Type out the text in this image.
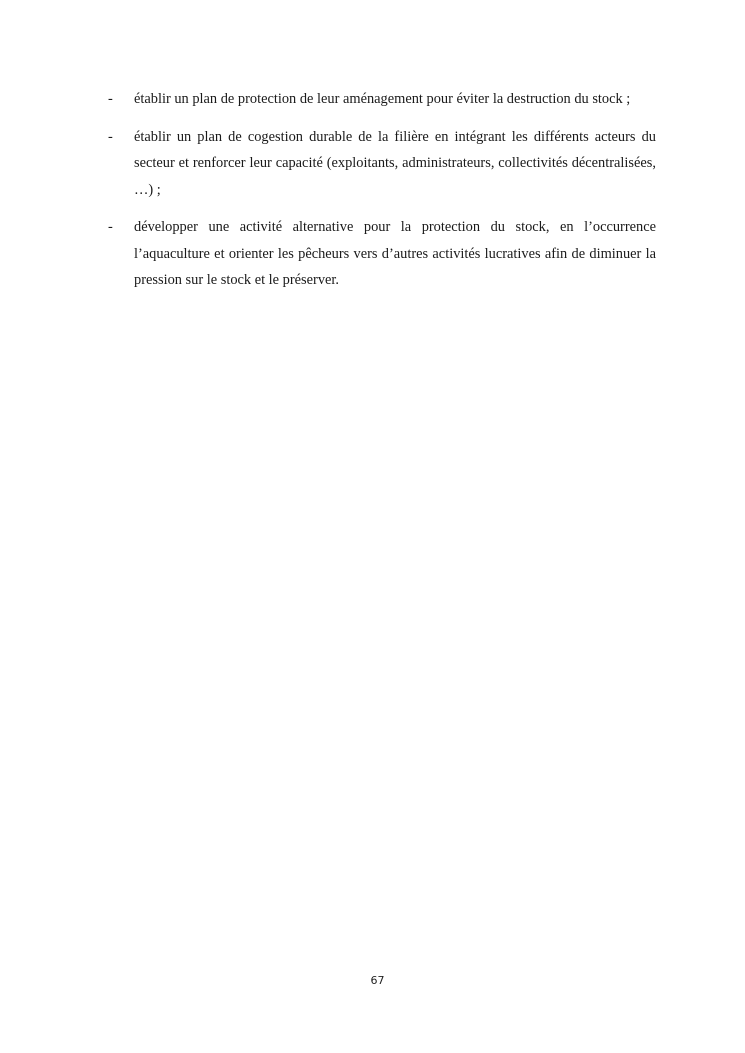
-	établir un plan de protection de leur aménagement pour éviter la destruction du stock ;
-	établir un plan de cogestion durable de la filière en intégrant les différents acteurs du secteur et renforcer leur capacité (exploitants, administrateurs, collectivités décentralisées, …) ;
-	développer une activité alternative pour la protection du stock, en l’occurrence l’aquaculture et orienter les pêcheurs vers d’autres activités lucratives afin de diminuer la pression sur le stock et le préserver.
67
